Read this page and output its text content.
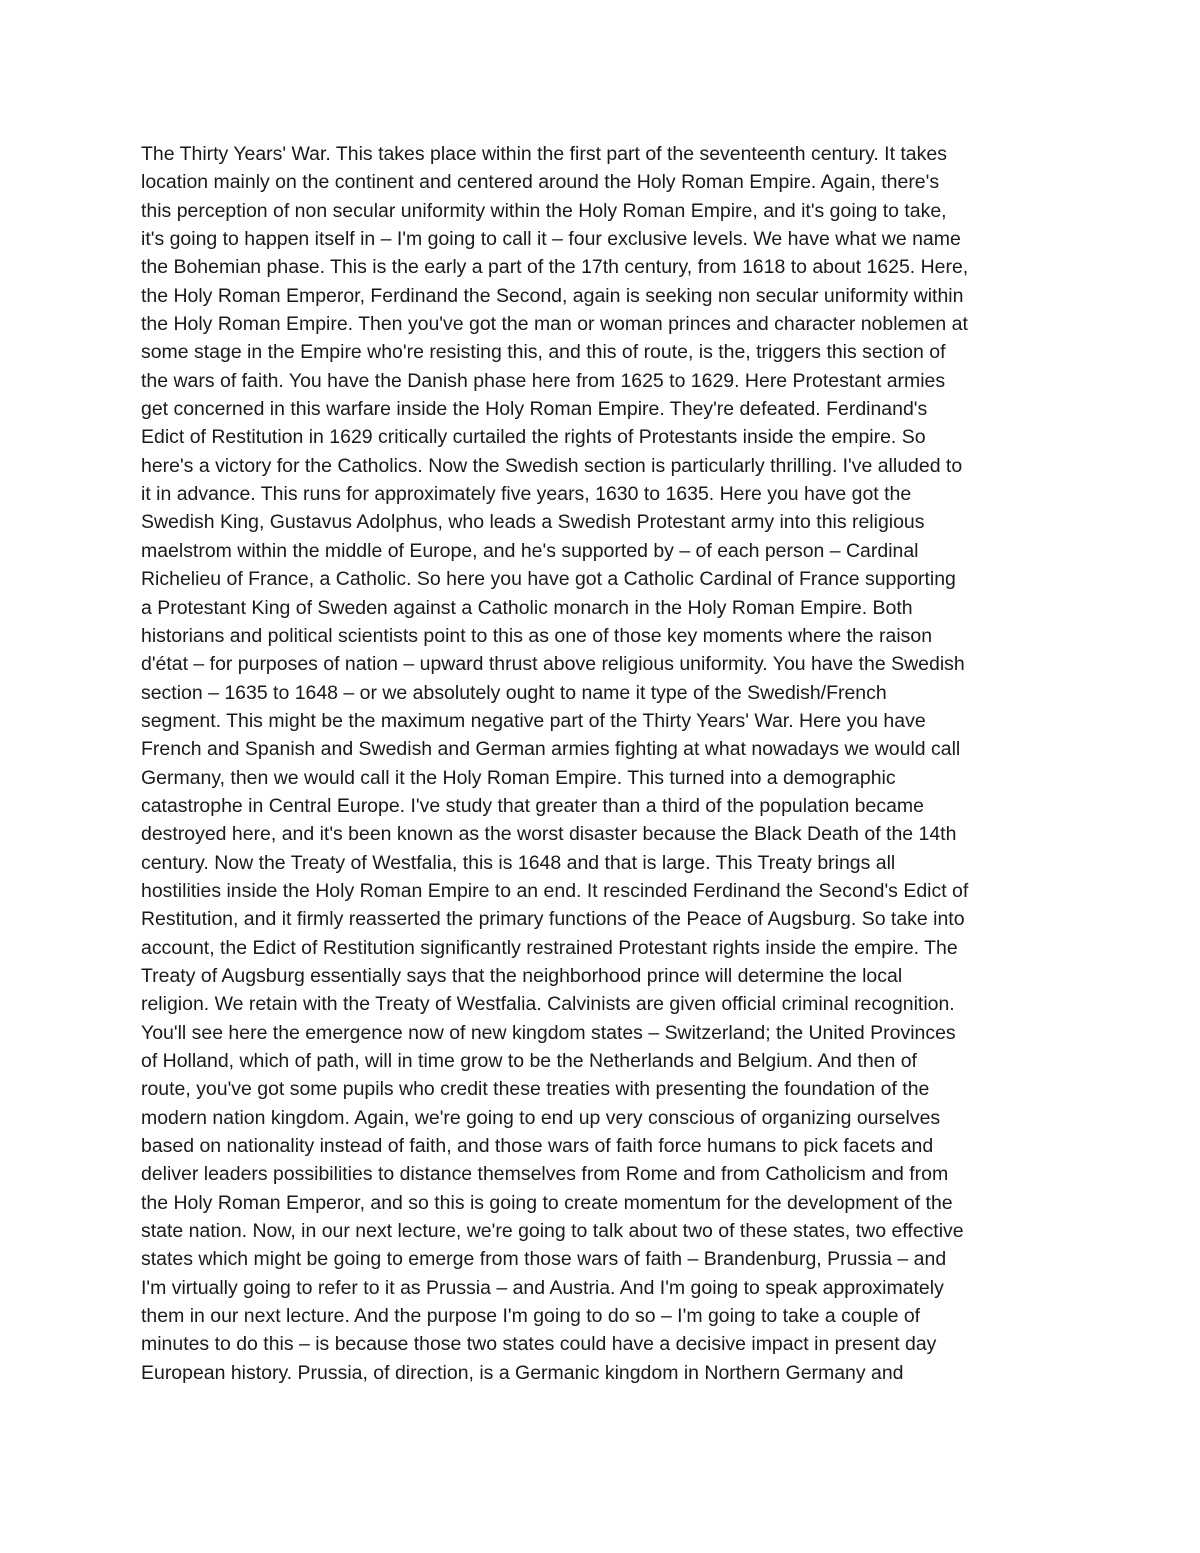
The Thirty Years' War. This takes place within the first part of the seventeenth century. It takes
location mainly on the continent and centered around the Holy Roman Empire. Again, there's
this perception of non secular uniformity within the Holy Roman Empire, and it's going to take,
it's going to happen itself in – I'm going to call it – four exclusive levels. We have what we name
the Bohemian phase. This is the early a part of the 17th century, from 1618 to about 1625. Here,
the Holy Roman Emperor, Ferdinand the Second, again is seeking non secular uniformity within
the Holy Roman Empire. Then you've got the man or woman princes and character noblemen at
some stage in the Empire who're resisting this, and this of route, is the, triggers this section of
the wars of faith. You have the Danish phase here from 1625 to 1629. Here Protestant armies
get concerned in this warfare inside the Holy Roman Empire. They're defeated. Ferdinand's
Edict of Restitution in 1629 critically curtailed the rights of Protestants inside the empire. So
here's a victory for the Catholics. Now the Swedish section is particularly thrilling. I've alluded to
it in advance. This runs for approximately five years, 1630 to 1635. Here you have got the
Swedish King, Gustavus Adolphus, who leads a Swedish Protestant army into this religious
maelstrom within the middle of Europe, and he's supported by – of each person – Cardinal
Richelieu of France, a Catholic. So here you have got a Catholic Cardinal of France supporting
a Protestant King of Sweden against a Catholic monarch in the Holy Roman Empire. Both
historians and political scientists point to this as one of those key moments where the raison
d'état – for purposes of nation – upward thrust above religious uniformity. You have the Swedish
section – 1635 to 1648 – or we absolutely ought to name it type of the Swedish/French
segment. This might be the maximum negative part of the Thirty Years' War. Here you have
French and Spanish and Swedish and German armies fighting at what nowadays we would call
Germany, then we would call it the Holy Roman Empire. This turned into a demographic
catastrophe in Central Europe. I've study that greater than a third of the population became
destroyed here, and it's been known as the worst disaster because the Black Death of the 14th
century. Now the Treaty of Westfalia, this is 1648 and that is large. This Treaty brings all
hostilities inside the Holy Roman Empire to an end. It rescinded Ferdinand the Second's Edict of
Restitution, and it firmly reasserted the primary functions of the Peace of Augsburg. So take into
account, the Edict of Restitution significantly restrained Protestant rights inside the empire. The
Treaty of Augsburg essentially says that the neighborhood prince will determine the local
religion. We retain with the Treaty of Westfalia. Calvinists are given official criminal recognition.
You'll see here the emergence now of new kingdom states – Switzerland; the United Provinces
of Holland, which of path, will in time grow to be the Netherlands and Belgium. And then of
route, you've got some pupils who credit these treaties with presenting the foundation of the
modern nation kingdom. Again, we're going to end up very conscious of organizing ourselves
based on nationality instead of faith, and those wars of faith force humans to pick facets and
deliver leaders possibilities to distance themselves from Rome and from Catholicism and from
the Holy Roman Emperor, and so this is going to create momentum for the development of the
state nation. Now, in our next lecture, we're going to talk about two of these states, two effective
states which might be going to emerge from those wars of faith – Brandenburg, Prussia – and
I'm virtually going to refer to it as Prussia – and Austria. And I'm going to speak approximately
them in our next lecture. And the purpose I'm going to do so – I'm going to take a couple of
minutes to do this – is because those two states could have a decisive impact in present day
European history. Prussia, of direction, is a Germanic kingdom in Northern Germany and
